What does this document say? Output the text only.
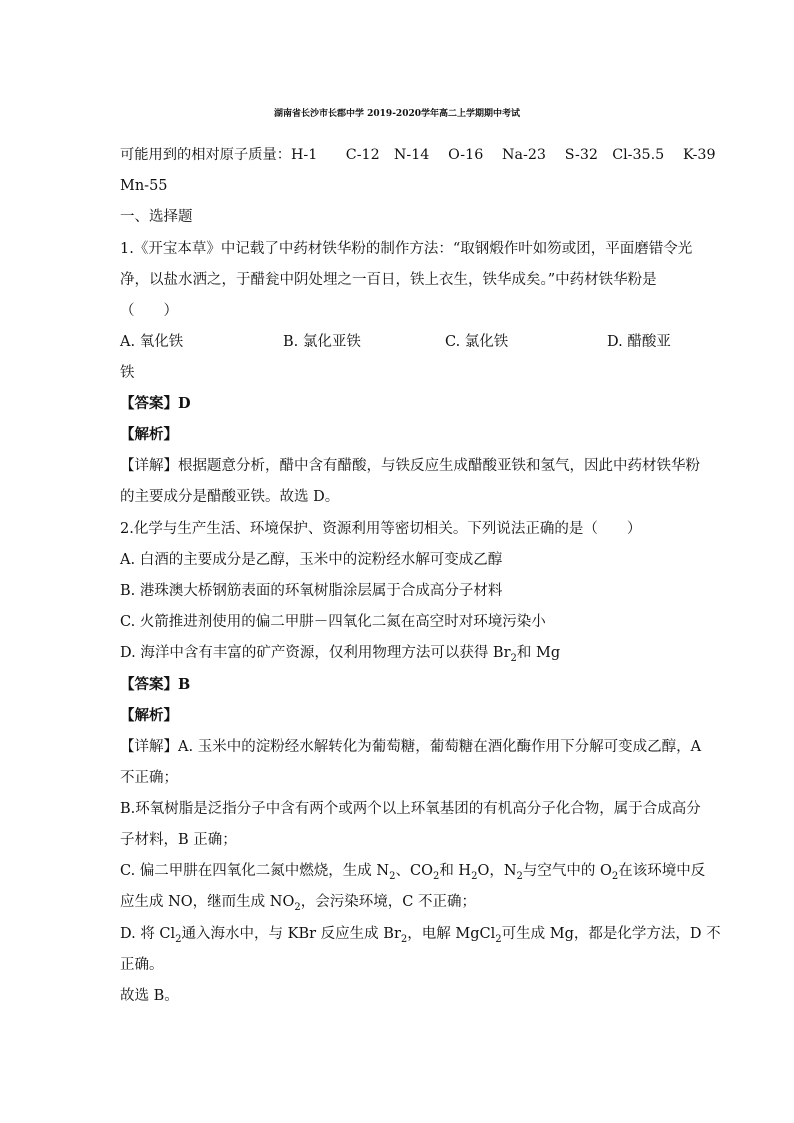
湖南省长沙市长郡中学 2019-2020学年高二上学期期中考试
可能用到的相对原子质量：H-1　　C-12　N-14　 O-16　 Na-23　 S-32　Cl-35.5　 K-39
Mn-55
一、选择题
1.《开宝本草》中记载了中药材铁华粉的制作方法：“取钢煅作叶如笏或团，平面磨错令光
净，以盐水洒之，于醋瓮中阴处埋之一百日，铁上衣生，铁华成矣。”中药材铁华粉是
（　　）
A. 氧化铁	B. 氯化亚铁	C. 氯化铁	D. 醋酸亚
铁
【答案】D
【解析】
【详解】根据题意分析，醋中含有醋酸，与铁反应生成醋酸亚铁和氢气，因此中药材铁华粉
的主要成分是醋酸亚铁。故选 D。
2.化学与生产生活、环境保护、资源利用等密切相关。下列说法正确的是（　　）
A. 白酒的主要成分是乙醇，玉米中的淀粉经水解可变成乙醇
B. 港珠澳大桥钢筋表面的环氧树脂涂层属于合成高分子材料
C. 火箭推进剂使用的偏二甲肼－四氧化二氮在高空时对环境污染小
D. 海洋中含有丰富的矿产资源，仅利用物理方法可以获得 $Br_2$和 Mg
【答案】B
【解析】
【详解】A. 玉米中的淀粉经水解转化为葡萄糖，葡萄糖在酒化酶作用下分解可变成乙醇，A
不正确；
B.环氧树脂是泛指分子中含有两个或两个以上环氧基团的有机高分子化合物，属于合成高分
子材料，B 正确；
C. 偏二甲肼在四氧化二氮中燃烧，生成 $N_2$、$CO_2$和 $H_2O$，$N_2$与空气中的 $O_2$在该环境中反
应生成 NO，继而生成 $NO_2$，会污染环境，C 不正确；
D. 将 $Cl_2$通入海水中，与 KBr 反应生成 $Br_2$，电解 MgCl$_2$可生成 Mg，都是化学方法，D 不
正确。
故选 B。
